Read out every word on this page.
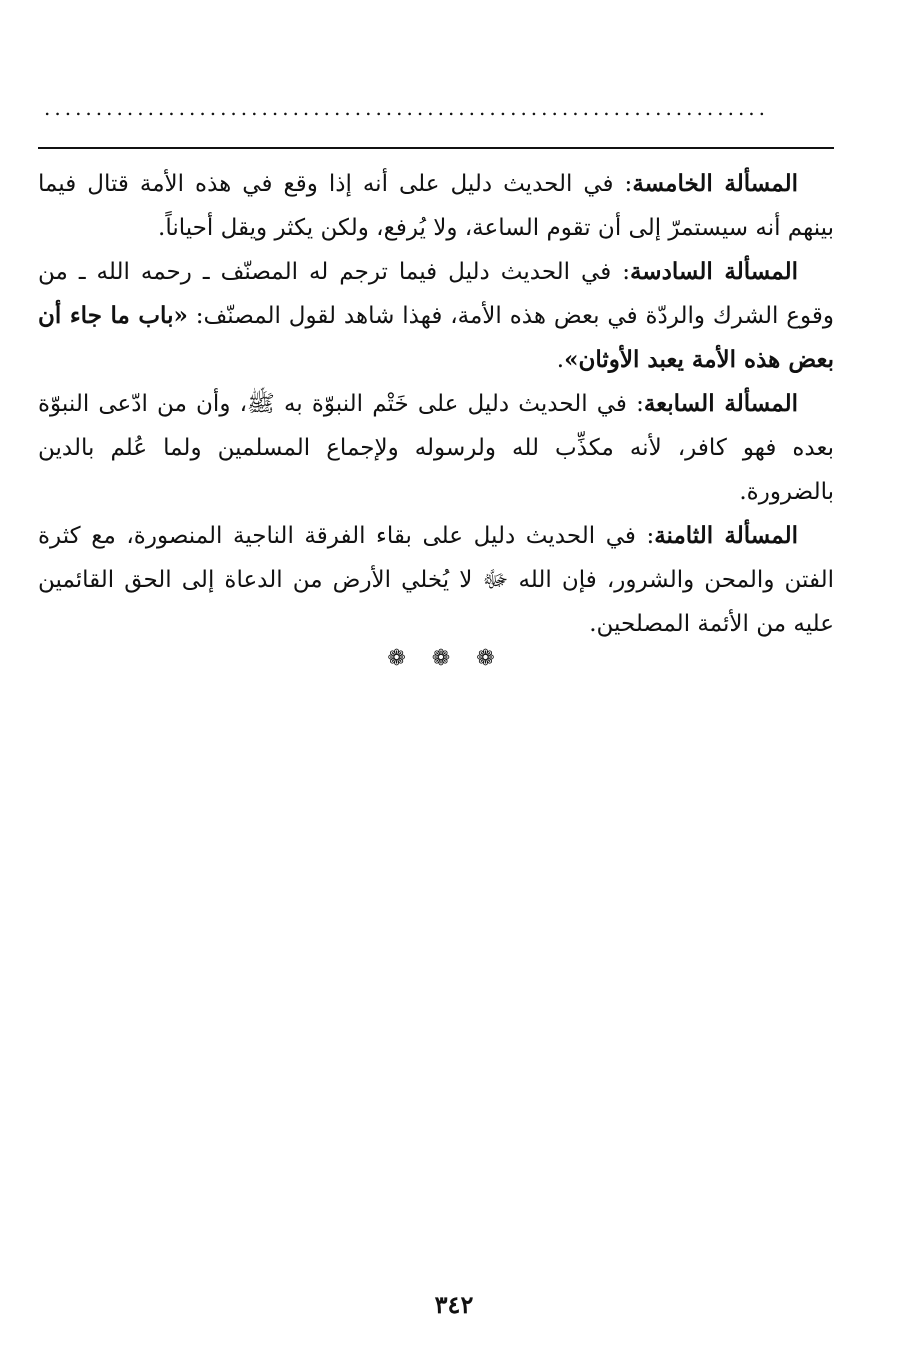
......................................................................

المسألة الخامسة: في الحديث دليل على أنه إذا وقع في هذه الأمة قتال فيما بينهم أنه سيستمرّ إلى أن تقوم الساعة، ولا يُرفع، ولكن يكثر ويقل أحياناً.

المسألة السادسة: في الحديث دليل فيما ترجم له المصنّف ـ رحمه الله ـ من وقوع الشرك والردّة في بعض هذه الأمة، فهذا شاهد لقول المصنّف: «باب ما جاء أن بعض هذه الأمة يعبد الأوثان».

المسألة السابعة: في الحديث دليل على خَتْم النبوّة به ﷺ، وأن من ادّعى النبوّة بعده فهو كافر، لأنه مكذِّب لله ولرسوله ولإجماع المسلمين ولما عُلم بالدين بالضرورة.

المسألة الثامنة: في الحديث دليل على بقاء الفرقة الناجية المنصورة، مع كثرة الفتن والمحن والشرور، فإن الله ﷻ لا يُخلي الأرض من الدعاة إلى الحق القائمين عليه من الأئمة المصلحين.

❁❁❁
٣٤٢
